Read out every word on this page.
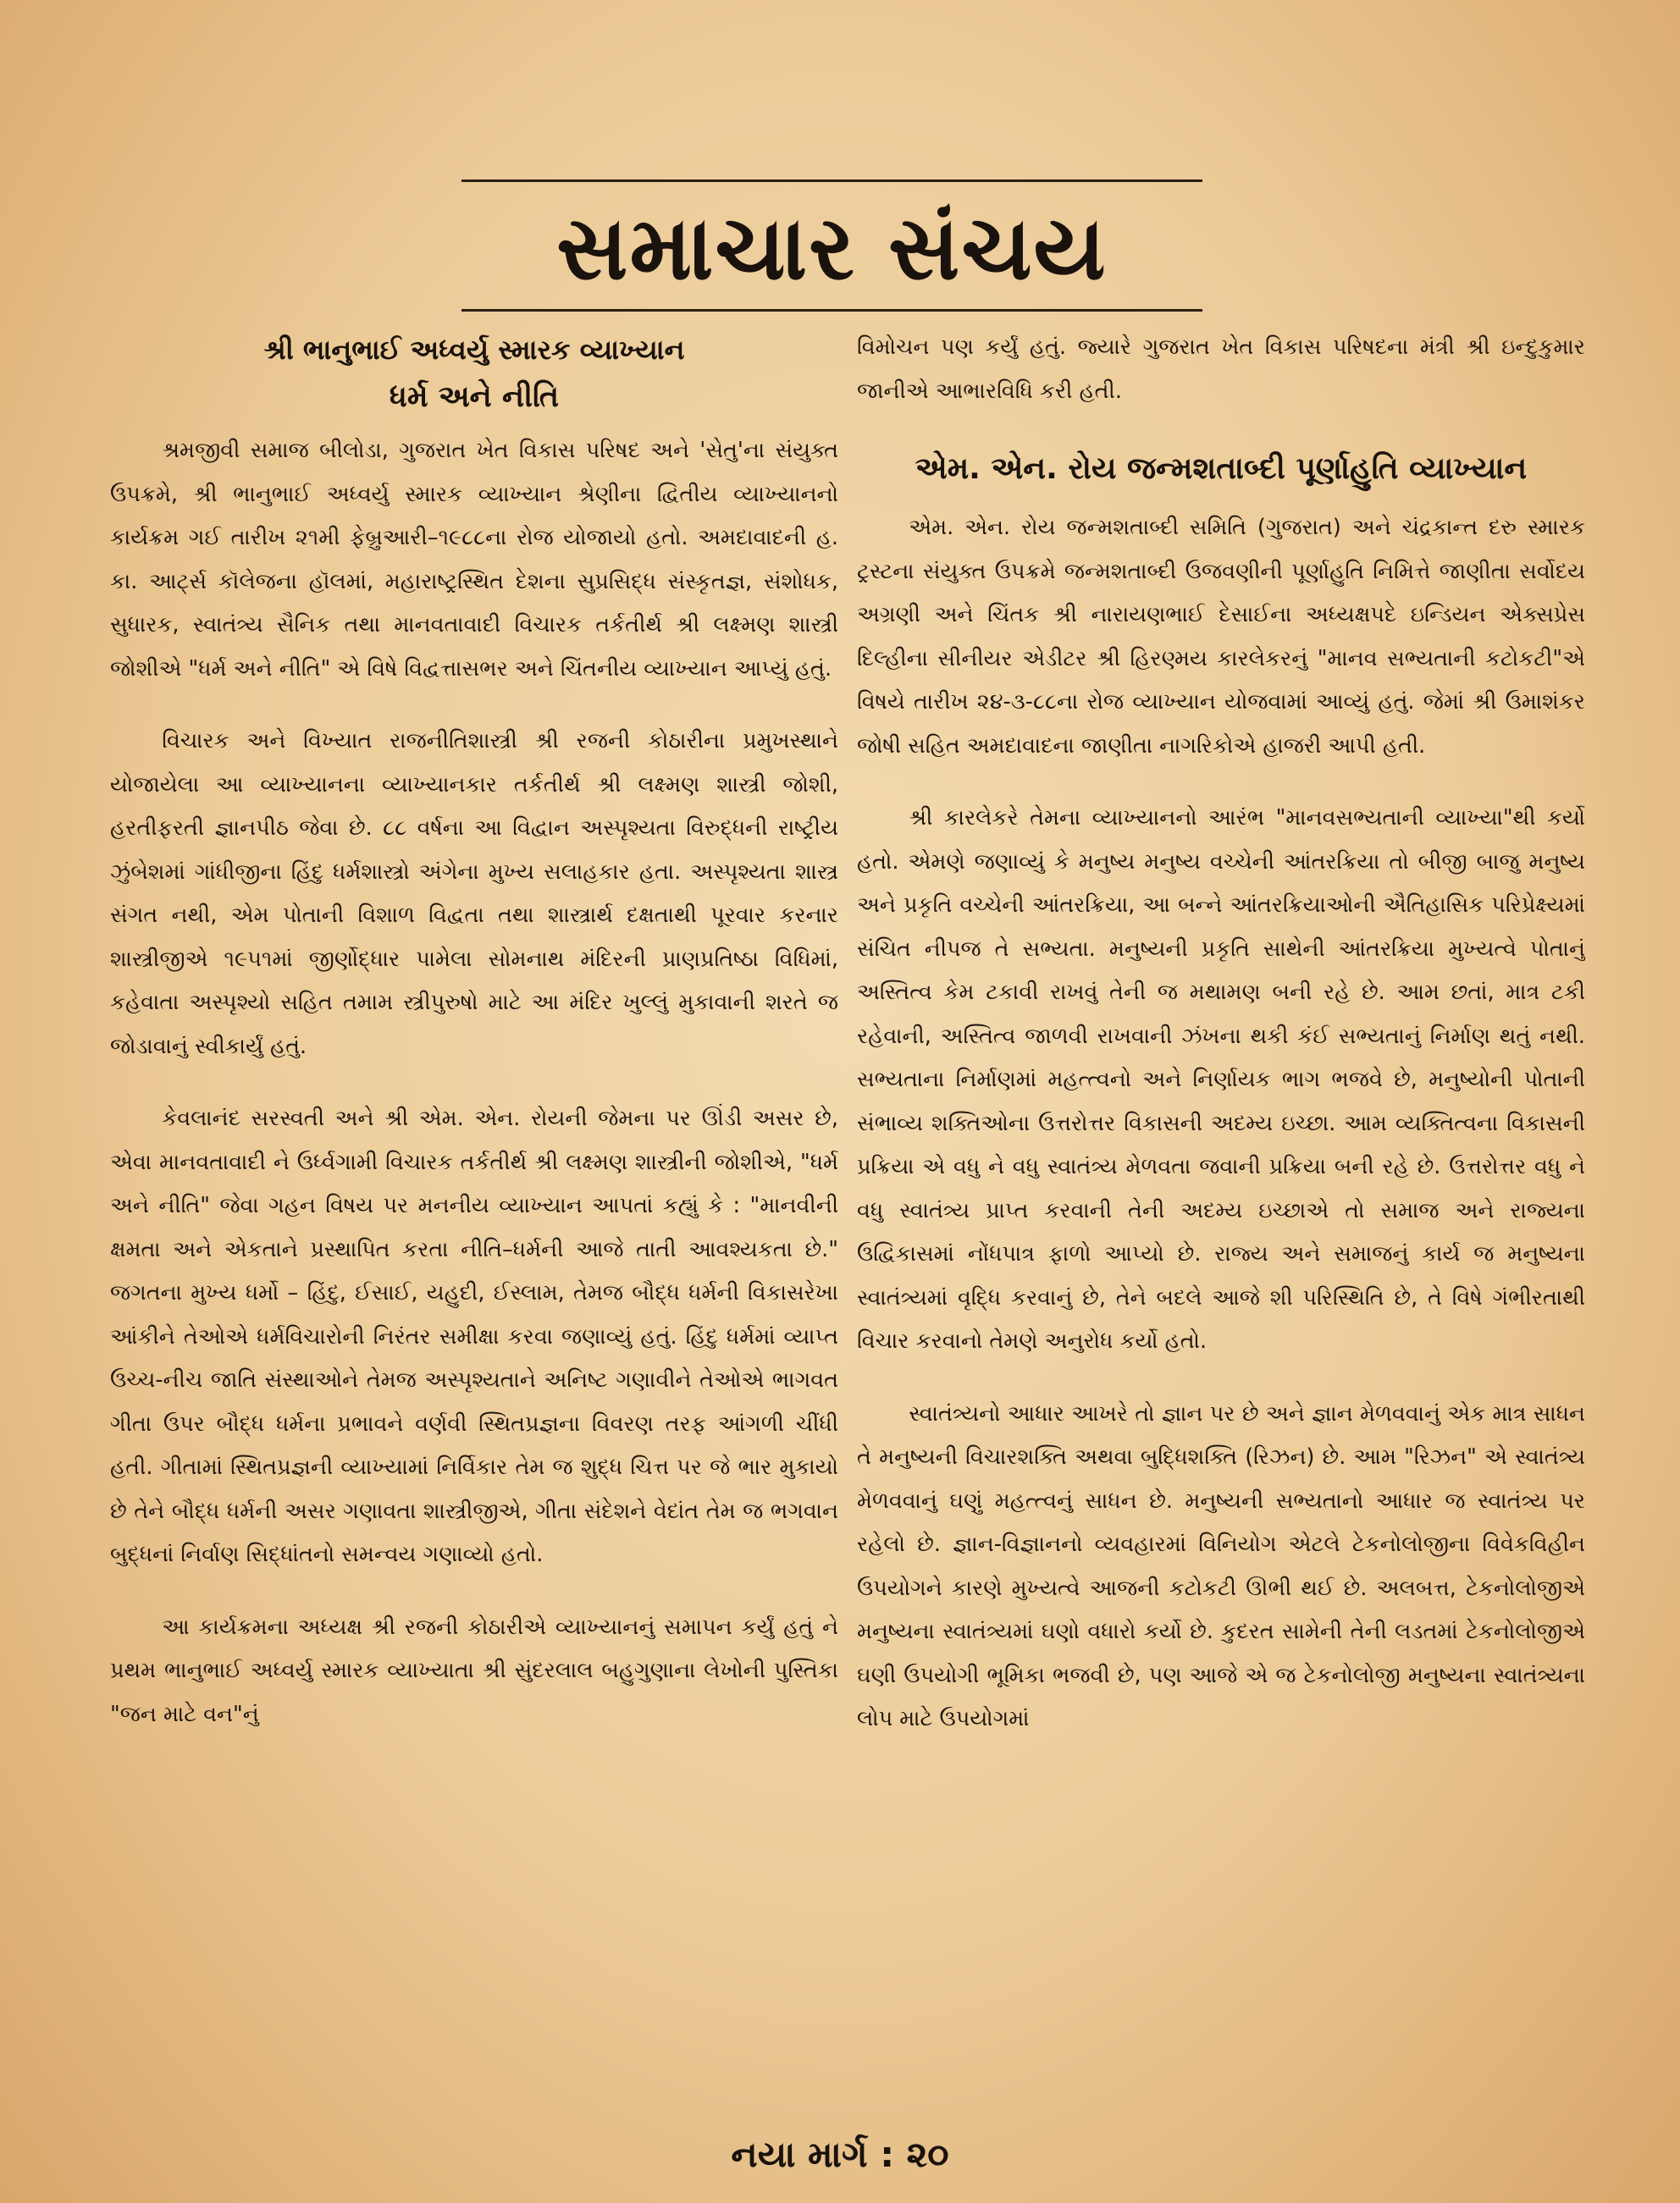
સમાચાર સંચય
શ્રી ભાનુભાઈ અધ્વર્યુ સ્મારક વ્યાખ્યાન
ધર્મ અને નીતિ

શ્રમજીવી સમાજ બીલોડા, ગુજરાત ખેત વિકાસ પરિષદ અને 'સેતુ'ના સંયુક્ત ઉપક્રમે, શ્રી ભાનુભાઈ અધ્વર્યુ સ્મારક વ્યાખ્યાન શ્રેણીના દ્વિતીય વ્યાખ્યાનનો કાર્યક્રમ ગઈ તારીખ ૨૧મી ફેબ્રુઆરી–૧૯૮૮ના રોજ યોજાયો હતો. અમદાવાદની હ. કા. આર્ટ્સ કૉલેજના હૉલમાં, મહારાષ્ટ્રસ્થિત દેશના સુપ્રસિદ્ધ સંસ્કૃતજ્ઞ, સંશોધક, સુધારક, સ્વાતંત્ર્ય સૈનિક તથા માનવતાવાદી વિચારક તર્કતીર્થ શ્રી લક્ષ્મણ શાસ્ત્રી જોશીએ "ધર્મ અને નીતિ" એ વિષે વિદ્વત્તાસભર અને ચિંતનીય વ્યાખ્યાન આપ્યું હતું.

વિચારક અને વિખ્યાત રાજનીતિશાસ્ત્રી શ્રી રજની કોઠારીના પ્રમુખસ્થાને યોજાયેલા આ વ્યાખ્યાનના વ્યાખ્યાનકાર તર્કતીર્થ શ્રી લક્ષ્મણ શાસ્ત્રી જોશી, હરતીફરતી જ્ઞાનપીઠ જેવા છે. ૮૮ વર્ષના આ વિદ્વાન અસ્પૃશ્યતા વિરુદ્ધની રાષ્ટ્રીય ઝુંબેશમાં ગાંધીજીના હિંદુ ધર્મશાસ્ત્રો અંગેના મુખ્ય સલાહકાર હતા. અસ્પૃશ્યતા શાસ્ત્ર સંગત નથી, એમ પોતાની વિશાળ વિદ્વતા તથા શાસ્ત્રાર્થ દક્ષતાથી પૂરવાર કરનાર શાસ્ત્રીજીએ ૧૯૫૧માં જીર્ણોદ્ધાર પામેલા સોમનાથ મંદિરની પ્રાણપ્રતિષ્ઠા વિધિમાં, કહેવાતા અસ્પૃશ્યો સહિત તમામ સ્ત્રીપુરુષો માટે આ મંદિર ખુલ્લું મુકાવાની શરતે જ જોડાવાનું સ્વીકાર્યું હતું.

કેવલાનંદ સરસ્વતી અને શ્રી એમ. એન. રોયની જેમના પર ઊંડી અસર છે, એવા માનવતાવાદી ને ઉર્ધ્વગામી વિચારક તર્કતીર્થ શ્રી લક્ષ્મણ શાસ્ત્રીની જોશીએ, "ધર્મ અને નીતિ" જેવા ગહન વિષય પર મનનીય વ્યાખ્યાન આપતાં કહ્યું કે : "માનવીની ક્ષમતા અને એકતાને પ્રસ્થાપિત કરતા નીતિ–ધર્મની આજે તાતી આવશ્યકતા છે." જગતના મુખ્ય ધર્મો – હિંદુ, ઈસાઈ, યહુદી, ઈસ્લામ, તેમજ બૌદ્ધ ધર્મની વિકાસરેખા આંકીને તેઓએ ધર્મવિચારોની નિરંતર સમીક્ષા કરવા જણાવ્યું હતું. હિંદુ ધર્મમાં વ્યાપ્ત ઉચ્ચ-નીચ જાતિ સંસ્થાઓને તેમજ અસ્પૃશ્યતાને અનિષ્ટ ગણાવીને તેઓએ ભાગવત ગીતા ઉપર બૌદ્ધ ધર્મના પ્રભાવને વર્ણવી સ્થિતપ્રજ્ઞના વિવરણ તરફ આંગળી ચીંધી હતી. ગીતામાં સ્થિતપ્રજ્ઞની વ્યાખ્યામાં નિર્વિકાર તેમ જ શુદ્ધ ચિત્ત પર જે ભાર મુકાયો છે તેને બૌદ્ધ ધર્મની અસર ગણાવતા શાસ્ત્રીજીએ, ગીતા સંદેશને વેદાંત તેમ જ ભગવાન બુદ્ધનાં નિર્વાણ સિદ્ધાંતનો સમન્વય ગણાવ્યો હતો.

આ કાર્યક્રમના અધ્યક્ષ શ્રી રજની કોઠારીએ વ્યાખ્યાનનું સમાપન કર્યું હતું ને પ્રથમ ભાનુભાઈ અધ્વર્યુ સ્મારક વ્યાખ્યાતા શ્રી સુંદરલાલ બહુગુણાના લેખોની પુસ્તિકા "જન માટે વન"નું

વિમોચન પણ કર્યું હતું. જ્યારે ગુજરાત ખેત વિકાસ પરિષદના મંત્રી શ્રી ઇન્દુકુમાર જાનીએ આભારવિધિ કરી હતી.

એમ. એન. રોય જન્મશતાબ્દી પૂર્ણાહુતિ વ્યાખ્યાન

એમ. એન. રોય જન્મશતાબ્દી સમિતિ (ગુજરાત) અને ચંદ્રકાન્ત દરુ સ્મારક ટ્રસ્ટના સંયુક્ત ઉપક્રમે જન્મશતાબ્દી ઉજવણીની પૂર્ણાહુતિ નિમિત્તે જાણીતા સર્વોદય અગ્રણી અને ચિંતક શ્રી નારાયણભાઈ દેસાઈના અધ્યક્ષપદે ઇન્ડિયન એક્સપ્રેસ દિલ્હીના સીનીયર એડીટર શ્રી હિરણ્મય કારલેકરનું "માનવ સભ્યતાની કટોકટી"એ વિષયે તારીખ ૨૪-૩-૮૮ના રોજ વ્યાખ્યાન યોજવામાં આવ્યું હતું. જેમાં શ્રી ઉમાશંકર જોષી સહિત અમદાવાદના જાણીતા નાગરિકોએ હાજરી આપી હતી.

શ્રી કારલેકરે તેમના વ્યાખ્યાનનો આરંભ "માનવસભ્યતાની વ્યાખ્યા"થી કર્યો હતો. એમણે જણાવ્યું કે મનુષ્ય મનુષ્ય વચ્ચેની આંતરક્રિયા તો બીજી બાજુ મનુષ્ય અને પ્રકૃતિ વચ્ચેની આંતરક્રિયા, આ બન્ને આંતરક્રિયાઓની ઐતિહાસિક પરિપ્રેક્ષ્યમાં સંચિત નીપજ તે સભ્યતા. મનુષ્યની પ્રકૃતિ સાથેની આંતરક્રિયા મુખ્યત્વે પોતાનું અસ્તિત્વ કેમ ટકાવી રાખવું તેની જ મથામણ બની રહે છે. આમ છતાં, માત્ર ટકી રહેવાની, અસ્તિત્વ જાળવી રાખવાની ઝંખના થકી કંઈ સભ્યતાનું નિર્માણ થતું નથી. સભ્યતાના નિર્માણમાં મહત્ત્વનો અને નિર્ણાયક ભાગ ભજવે છે, મનુષ્યોની પોતાની સંભાવ્ય શક્તિઓના ઉત્તરોત્તર વિકાસની અદમ્ય ઇચ્છા. આમ વ્યક્તિત્વના વિકાસની પ્રક્રિયા એ વધુ ને વધુ સ્વાતંત્ર્ય મેળવતા જવાની પ્રક્રિયા બની રહે છે. ઉત્તરોત્તર વધુ ને વધુ સ્વાતંત્ર્ય પ્રાપ્ત કરવાની તેની અદમ્ય ઇચ્છાએ તો સમાજ અને રાજ્યના ઉદ્વિકાસમાં નોંધપાત્ર ફાળો આપ્યો છે. રાજ્ય અને સમાજનું કાર્ય જ મનુષ્યના સ્વાતંત્ર્યમાં વૃદ્ધિ કરવાનું છે, તેને બદલે આજે શી પરિસ્થિતિ છે, તે વિષે ગંભીરતાથી વિચાર કરવાનો તેમણે અનુરોધ કર્યો હતો.

સ્વાતંત્ર્યનો આધાર આખરે તો જ્ઞાન પર છે અને જ્ઞાન મેળવવાનું એક માત્ર સાધન તે મનુષ્યની વિચારશક્તિ અથવા બુદ્ધિશક્તિ (રિઝન) છે. આમ "રિઝન" એ સ્વાતંત્ર્ય મેળવવાનું ઘણું મહત્ત્વનું સાધન છે. મનુષ્યની સભ્યતાનો આધાર જ સ્વાતંત્ર્ય પર રહેલો છે. જ્ઞાન-વિજ્ઞાનનો વ્યવહારમાં વિનિયોગ એટલે ટેકનોલોજીના વિવેકવિહીન ઉપયોગને કારણે મુખ્યત્વે આજની કટોકટી ઊભી થઈ છે. અલબત્ત, ટેકનોલોજીએ મનુષ્યના સ્વાતંત્ર્યમાં ઘણો વધારો કર્યો છે. કુદરત સામેની તેની લડતમાં ટેકનોલોજીએ ઘણી ઉપયોગી ભૂમિકા ભજવી છે, પણ આજે એ જ ટેકનોલોજી મનુષ્યના સ્વાતંત્ર્યના લોપ માટે ઉપયોગમાં

નયા માર્ગ : ૨૦
